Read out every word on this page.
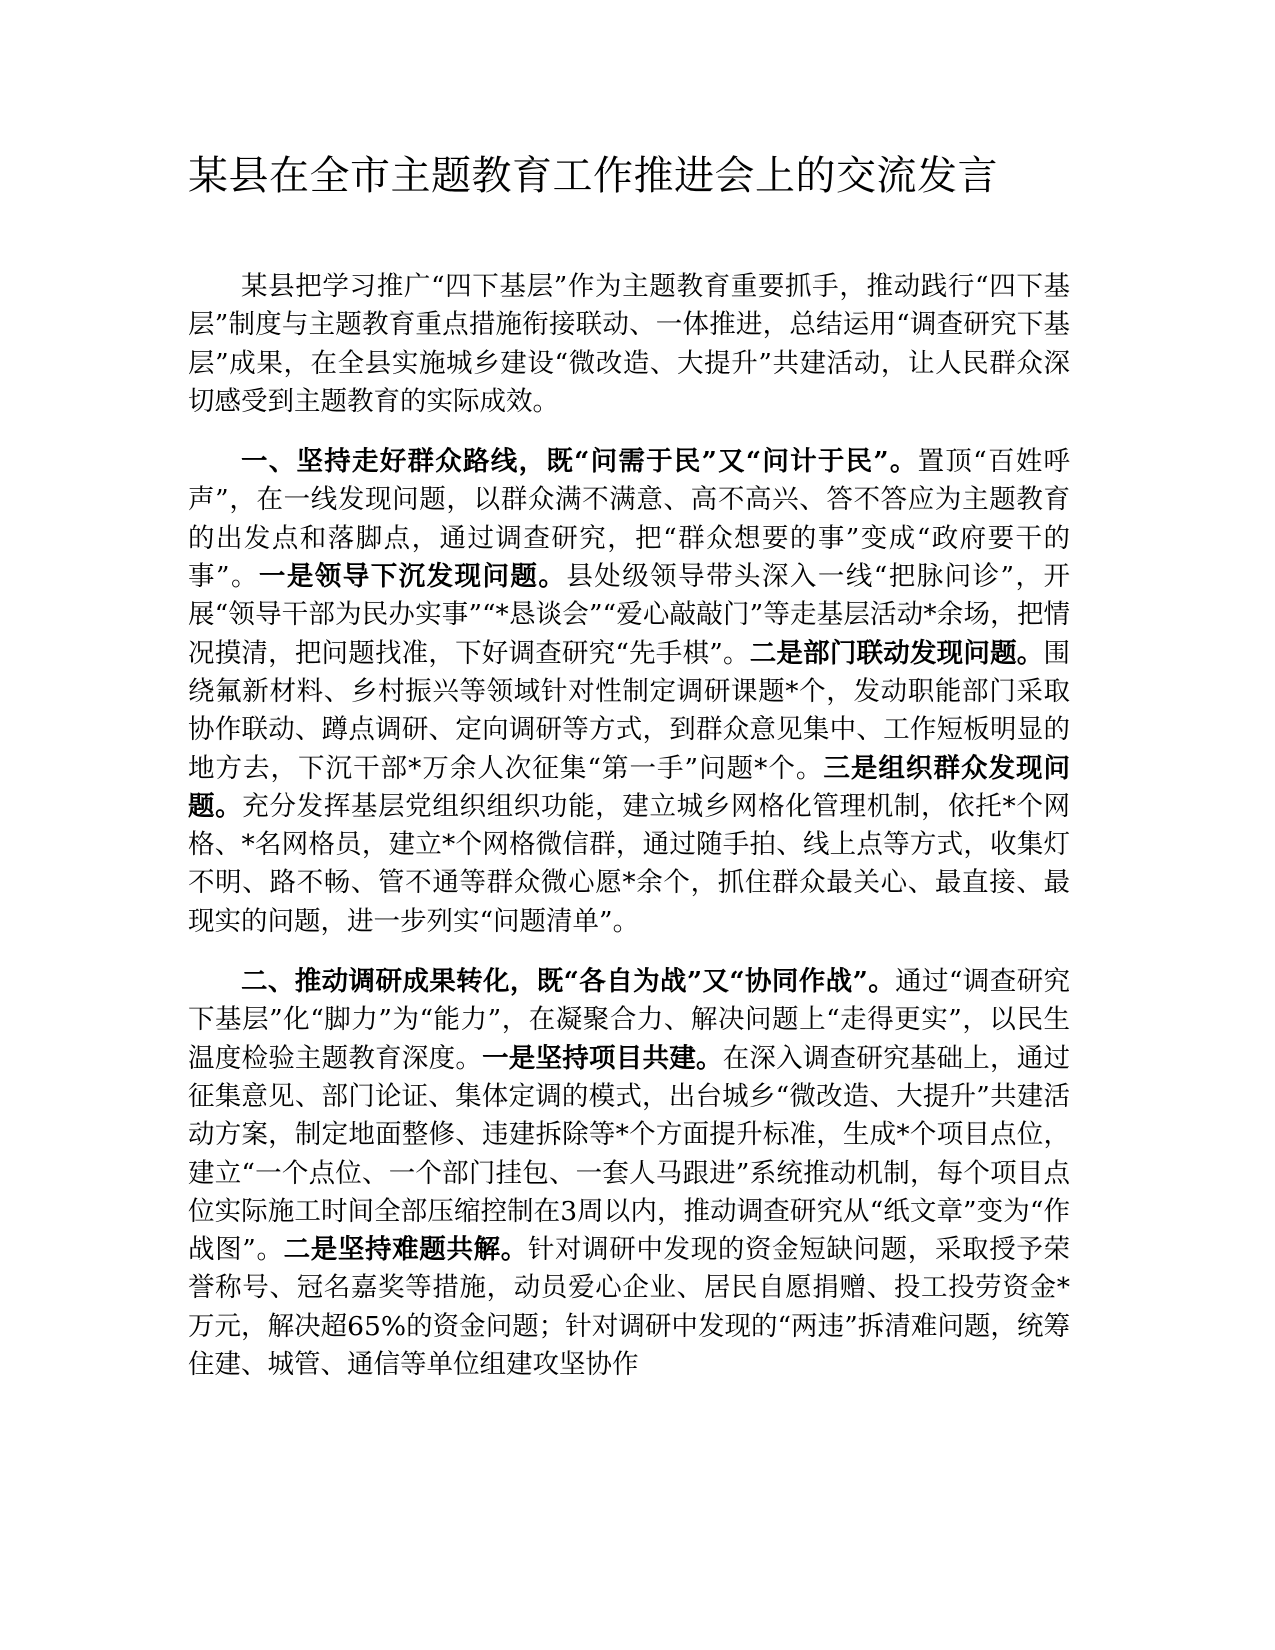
某县在全市主题教育工作推进会上的交流发言

某县把学习推广“四下基层”作为主题教育重要抓手，推动践行“四下基层”制度与主题教育重点措施衔接联动、一体推进，总结运用“调查研究下基层”成果，在全县实施城乡建设“微改造、大提升”共建活动，让人民群众深切感受到主题教育的实际成效。

一、坚持走好群众路线，既“问需于民”又“问计于民”。置顶“百姓呼声”，在一线发现问题，以群众满不满意、高不高兴、答不答应为主题教育的出发点和落脚点，通过调查研究，把“群众想要的事”变成“政府要干的事”。一是领导下沉发现问题。县处级领导带头深入一线“把脉问诊”，开展“领导干部为民办实事”“*恳谈会”“爱心敲敲门”等走基层活动*余场，把情况摸清，把问题找准，下好调查研究“先手棋”。二是部门联动发现问题。围绕氟新材料、乡村振兴等领域针对性制定调研课题*个，发动职能部门采取协作联动、蹲点调研、定向调研等方式，到群众意见集中、工作短板明显的地方去，下沉干部*万余人次征集“第一手”问题*个。三是组织群众发现问题。充分发挥基层党组织组织功能，建立城乡网格化管理机制，依托*个网格、*名网格员，建立*个网格微信群，通过随手拍、线上点等方式，收集灯不明、路不畅、管不通等群众微心愿*余个，抓住群众最关心、最直接、最现实的问题，进一步列实“问题清单”。

二、推动调研成果转化，既“各自为战”又“协同作战”。通过“调查研究下基层”化“脚力”为“能力”，在凝聚合力、解决问题上“走得更实”，以民生温度检验主题教育深度。一是坚持项目共建。在深入调查研究基础上，通过征集意见、部门论证、集体定调的模式，出台城乡“微改造、大提升”共建活动方案，制定地面整修、违建拆除等*个方面提升标准，生成*个项目点位，建立“一个点位、一个部门挂包、一套人马跟进”系统推动机制，每个项目点位实际施工时间全部压缩控制在3周以内，推动调查研究从“纸文章”变为“作战图”。二是坚持难题共解。针对调研中发现的资金短缺问题，采取授予荣誉称号、冠名嘉奖等措施，动员爱心企业、居民自愿捐赠、投工投劳资金*万元，解决超65%的资金问题；针对调研中发现的“两违”拆清难问题，统筹住建、城管、通信等单位组建攻坚协作
